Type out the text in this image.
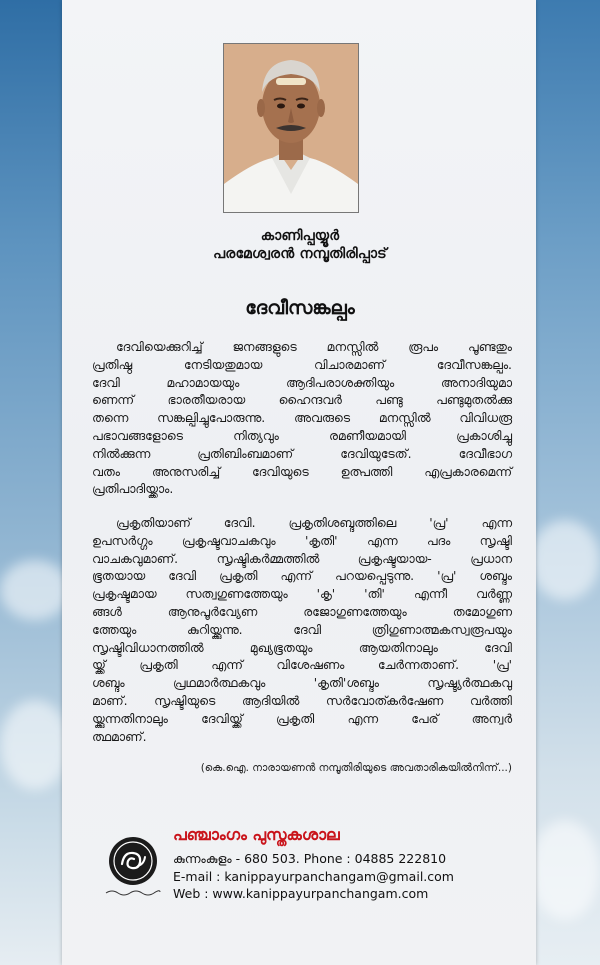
കാണിപ്പയ്യൂർ
പരമേശ്വരൻ നമ്പൂതിരിപ്പാട്
ദേവീസങ്കല്പം
ദേവിയെക്കുറിച്ച് ജനങ്ങളുടെ മനസ്സിൽ രൂപം പൂണ്ടതും
പ്രതിഷ്ഠ നേടിയതുമായ വിചാരമാണ് ദേവീസങ്കല്പം.
ദേവി മഹാമായയും ആദിപരാശക്തിയും അനാദിയുമാ
ണെന്ന് ഭാരതീയരായ ഹൈന്ദവർ പണ്ടു പണ്ടുമുതൽക്കു
തന്നെ സങ്കല്പിച്ചുപോരുന്നു. അവരുടെ മനസ്സിൽ വിവിധരൂ
പഭാവങ്ങളോടെ നിത്യവും രമണീയമായി പ്രകാശിച്ചു
നിൽക്കുന്ന പ്രതിബിംബമാണ് ദേവിയുടേത്. ദേവീഭാഗ
വതം അനുസരിച്ച് ദേവിയുടെ ഉത്പത്തി എപ്രകാരമെന്ന്
പ്രതിപാദിയ്ക്കാം.
പ്രകൃതിയാണ് ദേവി. പ്രകൃതിശബ്ദത്തിലെ 'പ്ര' എന്ന
ഉപസർഗ്ഗം പ്രകൃഷ്ടവാചകവും 'കൃതി' എന്ന പദം സൃഷ്ടി
വാചകവുമാണ്. സൃഷ്ടികർമ്മത്തിൽ പ്രകൃഷ്ടയായ- പ്രധാന
ഭൂതയായ ദേവി പ്രകൃതി എന്ന് പറയപ്പെടുന്നു. 'പ്ര' ശബ്ദം
പ്രകൃഷ്ടമായ സത്വഗുണത്തേയും 'കൃ' 'തി' എന്നീ വർണ്ണ
ങ്ങൾ ആനുപൂർവ്യേണ രജോഗുണത്തേയും തമോഗുണ
ത്തേയും കുറിയ്ക്കുന്നു. ദേവി ത്രിഗുണാത്മകസ്വരൂപയും
സൃഷ്ടിവിധാനത്തിൽ മുഖ്യഭൂതയും ആയതിനാലും ദേവി
യ്ക്ക് പ്രകൃതി എന്ന് വിശേഷണം ചേർന്നതാണ്. 'പ്ര'
ശബ്ദം പ്രഥമാർത്ഥകവും 'കൃതി'ശബ്ദം സൃഷ്ട്യർത്ഥകവു
മാണ്. സൃഷ്ടിയുടെ ആദിയിൽ സർവോത്കർഷേണ വർത്തി
യ്ക്കുന്നതിനാലും ദേവിയ്ക്ക് പ്രകൃതി എന്ന പേര് അന്വർ
ത്ഥമാണ്.
(കെ.ഐ. നാരായണൻ നമ്പൂതിരിയുടെ അവതാരികയിൽനിന്ന്...)
പഞ്ചാംഗം പുസ്തകശാല
കുന്നംകുളം - 680 503. Phone : 04885 222810
E-mail : kanippayurpanchangam@gmail.com
Web : www.kanippayurpanchangam.com
